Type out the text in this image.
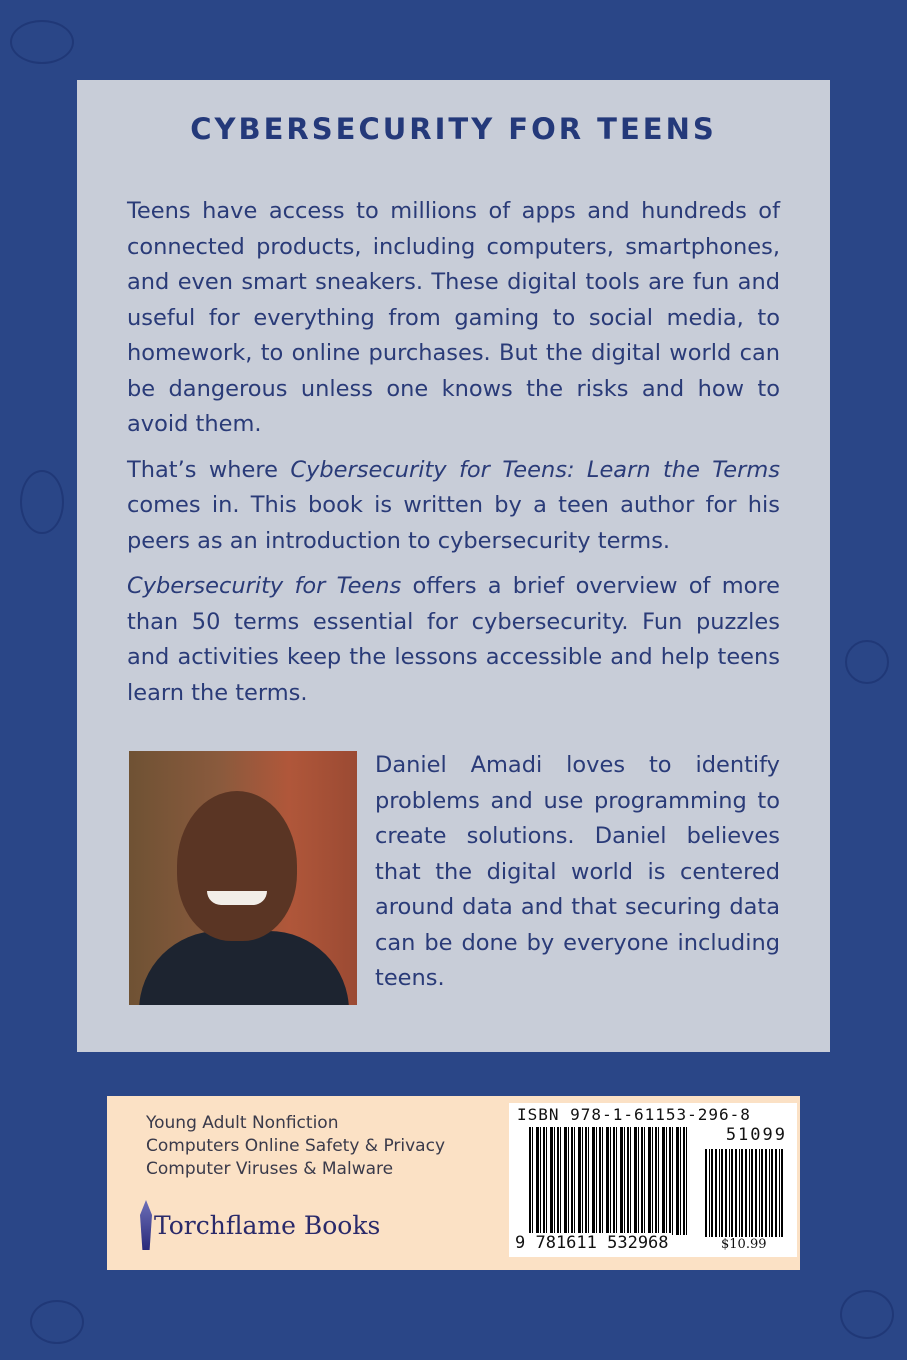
CYBERSECURITY FOR TEENS

Teens have access to millions of apps and hundreds of connected products, including computers, smartphones, and even smart sneakers. These digital tools are fun and useful for everything from gaming to social media, to homework, to online purchases. But the digital world can be dangerous unless one knows the risks and how to avoid them.

That’s where Cybersecurity for Teens: Learn the Terms comes in. This book is written by a teen author for his peers as an introduction to cybersecurity terms.

Cybersecurity for Teens offers a brief overview of more than 50 terms essential for cybersecurity. Fun puzzles and activities keep the lessons accessible and help teens learn the terms.

Daniel Amadi loves to identify problems and use programming to create solutions. Daniel believes that the digital world is centered around data and that securing data can be done by everyone including teens.
Young Adult Nonfiction
Computers Online Safety & Privacy
Computer Viruses & Malware
Torchflame Books
ISBN 978-1-61153-296-8
51099
9 781611 532968	$10.99
